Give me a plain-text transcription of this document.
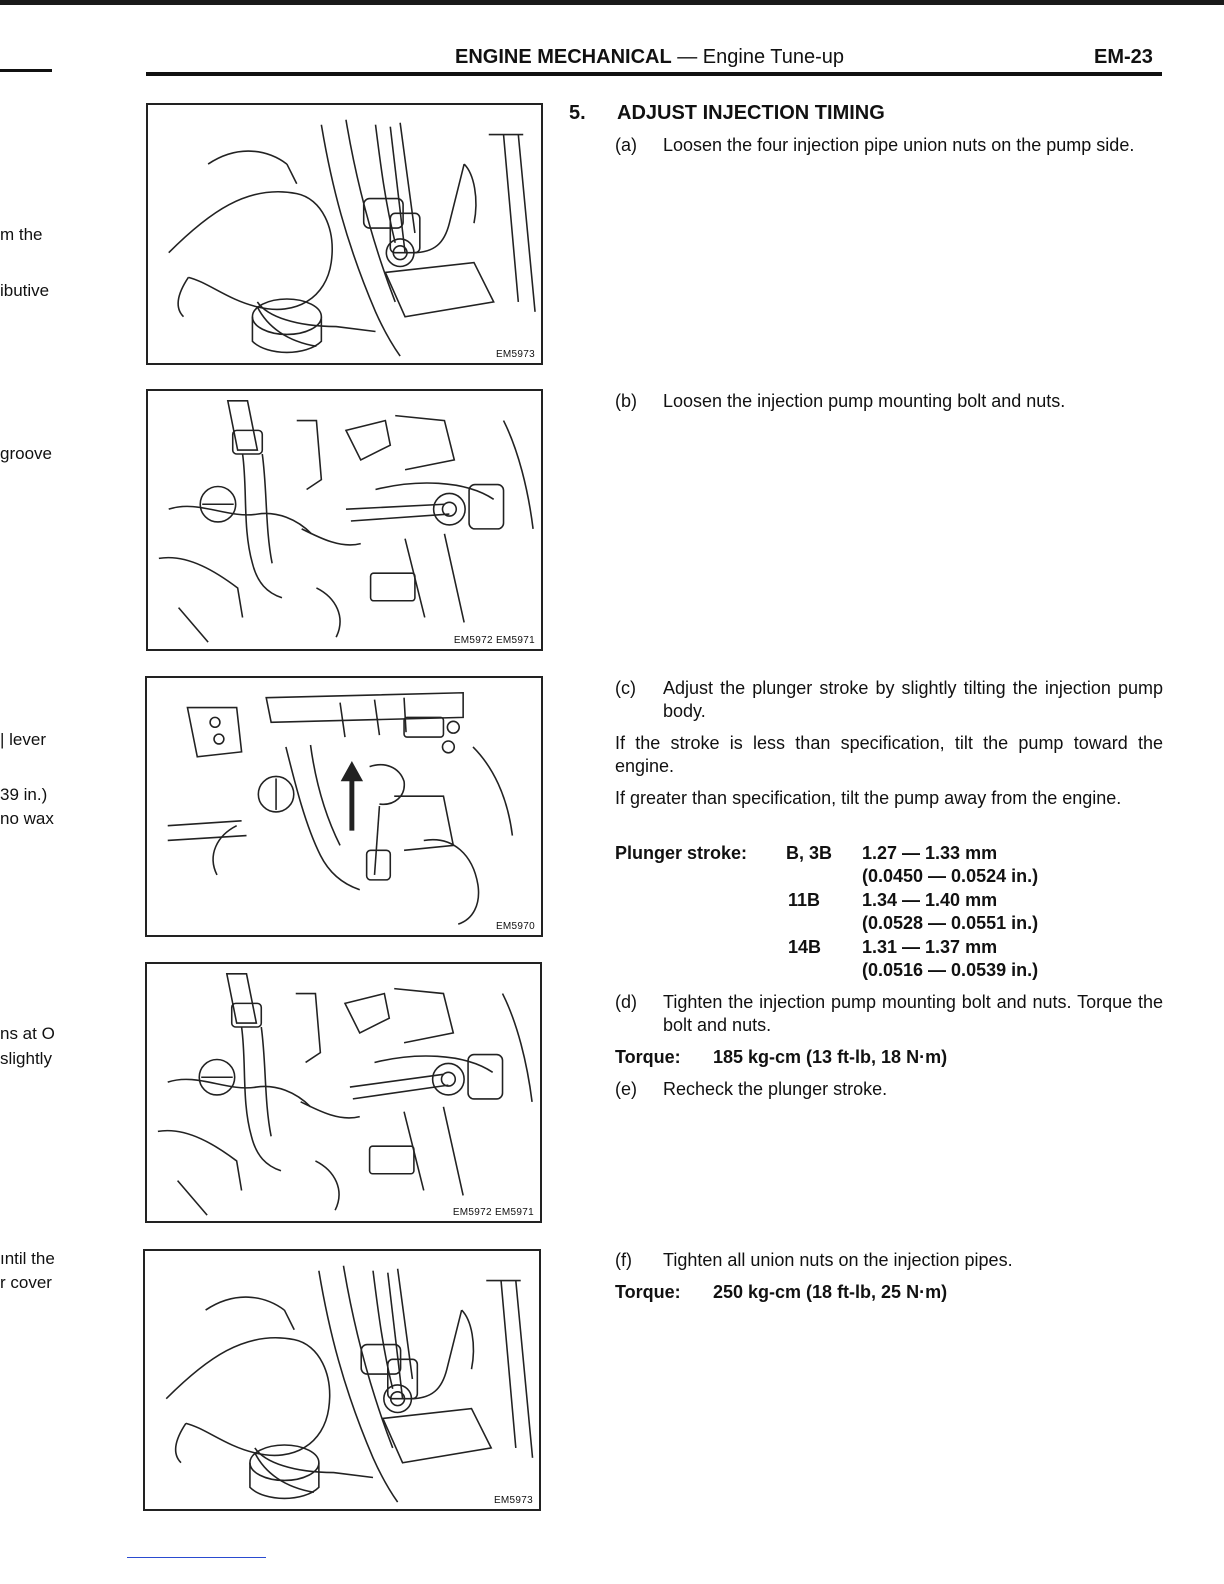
ENGINE MECHANICAL — Engine Tune-up	EM-23
m the
ibutive
groove
| lever
39 in.)
no wax
ns at O
slightly
ıntil the
r cover
EM5973
EM5972 EM5971
EM5970
EM5972 EM5971
EM5973
5. ADJUST INJECTION TIMING
(a) Loosen the four injection pipe union nuts on the pump side.
(b) Loosen the injection pump mounting bolt and nuts.
(c) Adjust the plunger stroke by slightly tilting the injection pump body.
If the stroke is less than specification, tilt the pump toward the engine.
If greater than specification, tilt the pump away from the engine.
Plunger stroke: B, 3B 1.27 — 1.33 mm
(0.0450 — 0.0524 in.)
11B 1.34 — 1.40 mm
(0.0528 — 0.0551 in.)
14B 1.31 — 1.37 mm
(0.0516 — 0.0539 in.)
(d) Tighten the injection pump mounting bolt and nuts. Torque the bolt and nuts.
Torque: 185 kg-cm (13 ft-lb, 18 N·m)
(e) Recheck the plunger stroke.
(f) Tighten all union nuts on the injection pipes.
Torque: 250 kg-cm (18 ft-lb, 25 N·m)
